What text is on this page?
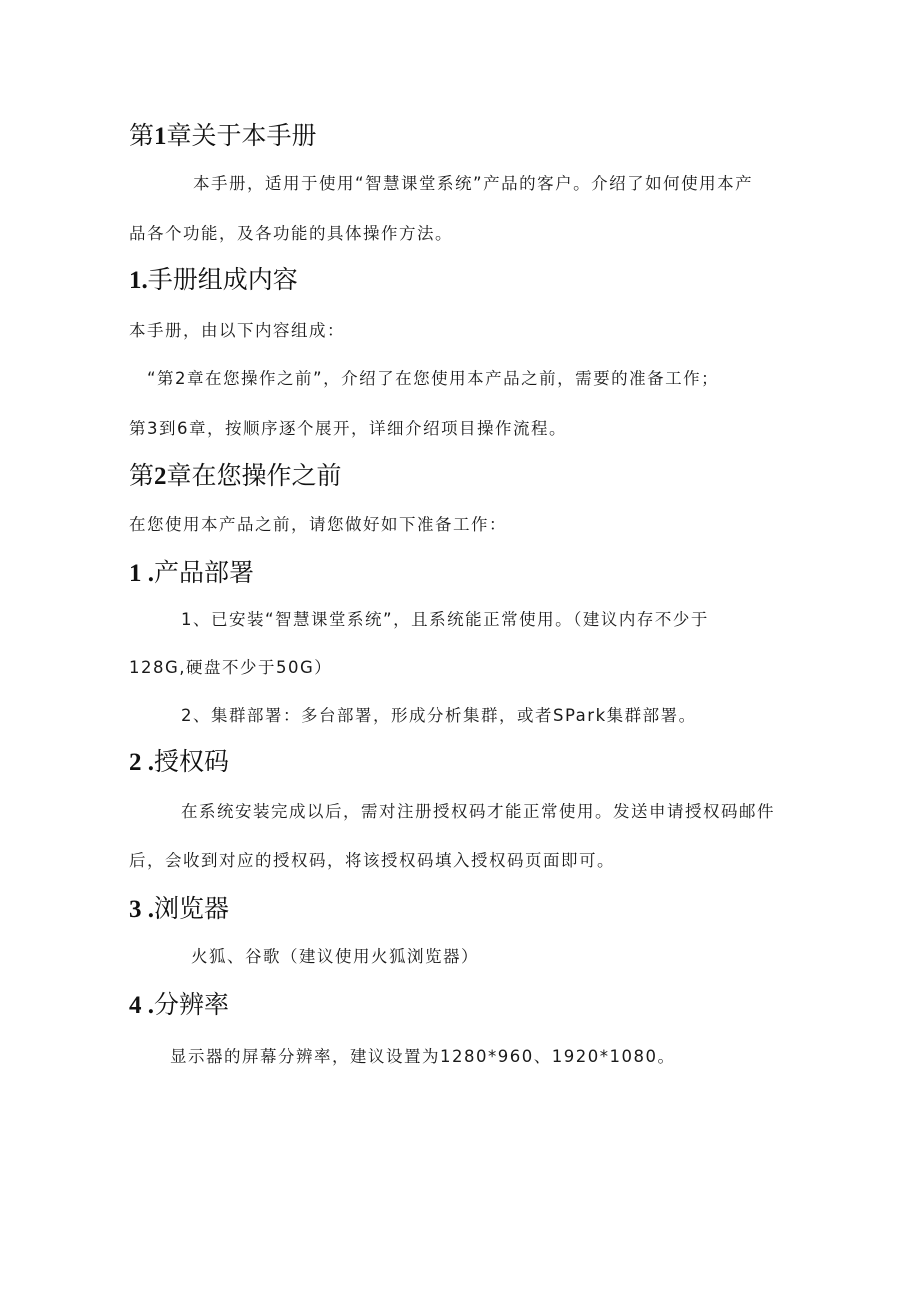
第1章关于本手册

本手册，适用于使用“智慧课堂系统”产品的客户。介绍了如何使用本产

品各个功能，及各功能的具体操作方法。

1.手册组成内容

本手册，由以下内容组成：

“第2章在您操作之前”，介绍了在您使用本产品之前，需要的准备工作；

第3到6章，按顺序逐个展开，详细介绍项目操作流程。

第2章在您操作之前

在您使用本产品之前，请您做好如下准备工作：

1 .产品部署

1、已安装“智慧课堂系统”，且系统能正常使用。（建议内存不少于

128G,硬盘不少于50G）

2、集群部署：多台部署，形成分析集群，或者SPark集群部署。

2 .授权码

在系统安装完成以后，需对注册授权码才能正常使用。发送申请授权码邮件

后，会收到对应的授权码，将该授权码填入授权码页面即可。

3 .浏览器

火狐、谷歌（建议使用火狐浏览器）

4 .分辨率

显示器的屏幕分辨率，建议设置为1280*960、1920*1080。
